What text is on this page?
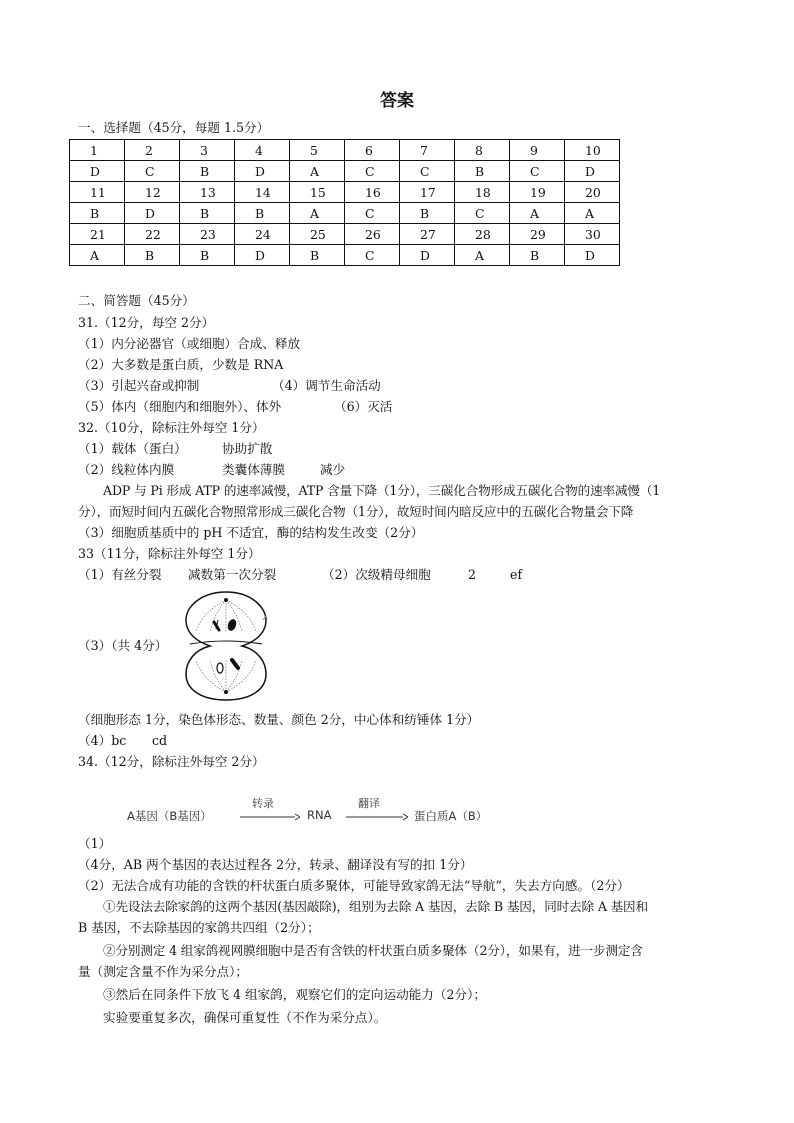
答案
一、选择题（45分，每题 1.5分）
1	2	3	4	5	6	7	8	9	10
D	C	B	D	A	C	C	B	C	D
11	12	13	14	15	16	17	18	19	20
B	D	B	B	A	C	B	C	A	A
21	22	23	24	25	26	27	28	29	30
A	B	B	D	B	C	D	A	B	D
二、简答题（45分）
31.（12分，每空 2分）
（1）内分泌器官（或细胞）合成、释放
（2）大多数是蛋白质，少数是 RNA
（3）引起兴奋或抑制	（4）调节生命活动
（5）体内（细胞内和细胞外）、体外	（6）灭活
32.（10分，除标注外每空 1分）
（1）载体（蛋白）	协助扩散
（2）线粒体内膜	类囊体薄膜	减少
ADP 与 Pi 形成 ATP 的速率减慢，ATP 含量下降（1分），三碳化合物形成五碳化合物的速率减慢（1
分），而短时间内五碳化合物照常形成三碳化合物（1分），故短时间内暗反应中的五碳化合物量会下降
（3）细胞质基质中的 pH 不适宜，酶的结构发生改变（2分）
33（11分，除标注外每空 1分）
（1）有丝分裂 减数第一次分裂	（2）次级精母细胞	2	ef
（3）（共 4分）
（细胞形态 1分，染色体形态、数量、颜色 2分，中心体和纺锤体 1分）
（4）bc cd
34.（12分，除标注外每空 2分）
A基因（B基因）
转录
RNA
翻译
蛋白质A（B）
（1）
（4分，AB 两个基因的表达过程各 2分，转录、翻译没有写的扣 1分）
（2）无法合成有功能的含铁的杆状蛋白质多聚体，可能导致家鸽无法“导航”，失去方向感。（2分）
①先设法去除家鸽的这两个基因(基因敲除)，组别为去除 A 基因，去除 B 基因，同时去除 A 基因和
B 基因，不去除基因的家鸽共四组（2分）；
②分别测定 4 组家鸽视网膜细胞中是否有含铁的杆状蛋白质多聚体（2分），如果有，进一步测定含
量（测定含量不作为采分点）；
③然后在同条件下放飞 4 组家鸽，观察它们的定向运动能力（2分）；
实验要重复多次，确保可重复性（不作为采分点）。
